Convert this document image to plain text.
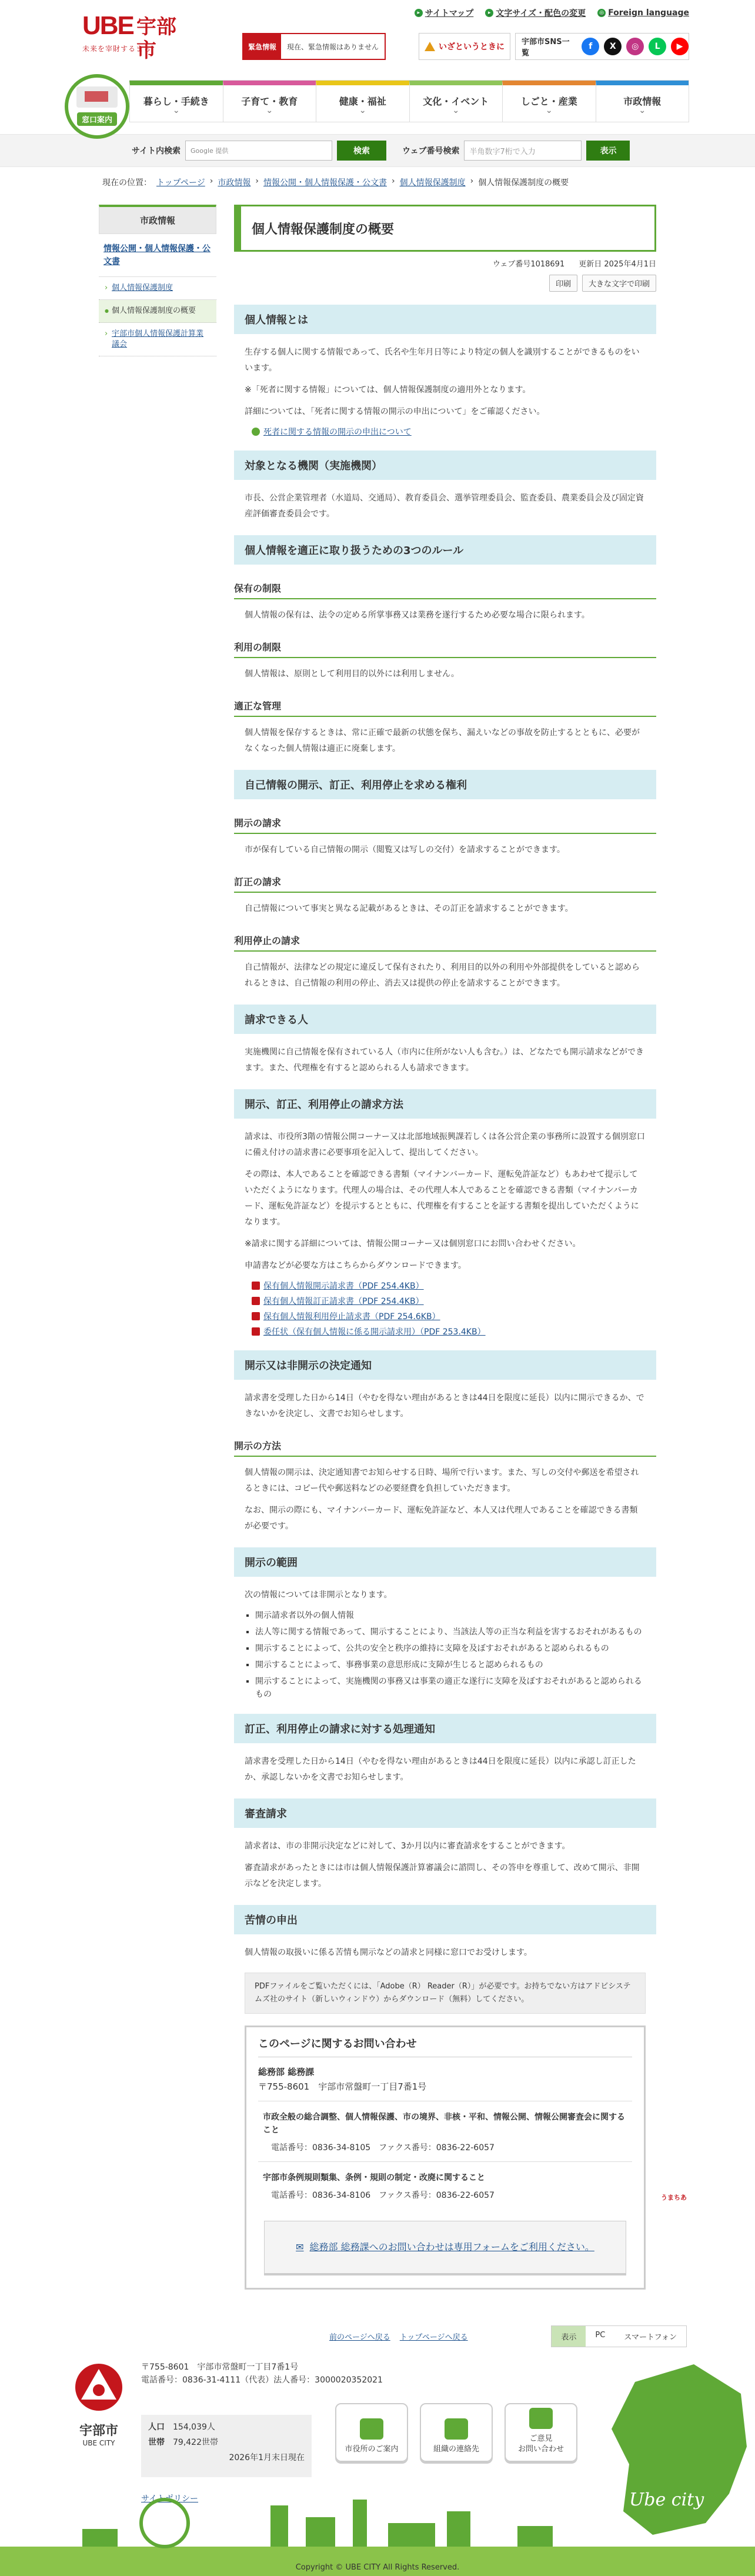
UBE 宇部市
未来を宰財するまち
▸ サイトマップ	▸ 文字サイズ・配色の変更	◎ Foreign language
緊急情報	現在、緊急情報はありません	いざというときに
宇部市SNS一覧
f	X	◎	L	▶
窓口案内
暮らし・手続き ⌄	子育て・教育 ⌄	健康・福祉 ⌄	文化・イベント ⌄	しごと・産業 ⌄	市政情報 ⌄
サイト内検索	Google 提供	検索	ウェブ番号検索	半角数字7桁で入力	表示
現在の位置： トップページ › 市政情報 › 情報公開・個人情報保護・公文書 › 個人情報保護制度 › 個人情報保護制度の概要
市政情報
情報公開・個人情報保護・公文書
› 個人情報保護制度
● 個人情報保護制度の概要
› 宇部市個人情報保護計算業議会
個人情報保護制度の概要
ウェブ番号1018691 更新日 2025年4月1日
印刷	大きな文字で印刷
個人情報とは

生存する個人に関する情報であって、氏名や生年月日等により特定の個人を識別することができるものをいいます。

※「死者に関する情報」については、個人情報保護制度の適用外となります。

詳細については、「死者に関する情報の開示の申出について」をご確認ください。

死者に関する情報の開示の申出について
対象となる機関（実施機関）

市長、公営企業管理者（水道局、交通局）、教育委員会、選挙管理委員会、監査委員、農業委員会及び固定資産評価審査委員会です。

個人情報を適正に取り扱うための3つのルール
保有の制限

個人情報の保有は、法令の定める所掌事務又は業務を遂行するため必要な場合に限られます。

利用の制限

個人情報は、原則として利用目的以外には利用しません。

適正な管理

個人情報を保存するときは、常に正確で最新の状態を保ち、漏えいなどの事故を防止するとともに、必要がなくなった個人情報は適正に廃棄します。

自己情報の開示、訂正、利用停止を求める権利
開示の請求

市が保有している自己情報の開示（閲覧又は写しの交付）を請求することができます。

訂正の請求

自己情報について事実と異なる記載があるときは、その訂正を請求することができます。

利用停止の請求

自己情報が、法律などの規定に違反して保有されたり、利用目的以外の利用や外部提供をしていると認められるときは、自己情報の利用の停止、消去又は提供の停止を請求することができます。

請求できる人

実施機関に自己情報を保有されている人（市内に住所がない人も含む。）は、どなたでも開示請求などができます。また、代理権を有すると認められる人も請求できます。

開示、訂正、利用停止の請求方法

請求は、市役所3階の情報公開コーナー又は北部地域振興課若しくは各公営企業の事務所に設置する個別窓口に備え付けの請求書に必要事項を記入して、提出してください。

その際は、本人であることを確認できる書類（マイナンバーカード、運転免許証など）もあわせて提示していただくようになります。代理人の場合は、その代理人本人であることを確認できる書類（マイナンバーカード、運転免許証など）を提示するとともに、代理権を有することを証する書類を提出していただくようになります。

※請求に関する詳細については、情報公開コーナー又は個別窓口にお問い合わせください。

申請書などが必要な方はこちらからダウンロードできます。

保有個人情報開示請求書（PDF 254.4KB）
保有個人情報訂正請求書（PDF 254.4KB）
保有個人情報利用停止請求書（PDF 254.6KB）
委任状（保有個人情報に係る開示請求用）（PDF 253.4KB）
開示又は非開示の決定通知

請求書を受理した日から14日（やむを得ない理由があるときは44日を限度に延長）以内に開示できるか、できないかを決定し、文書でお知らせします。

開示の方法

個人情報の開示は、決定通知書でお知らせする日時、場所で行います。また、写しの交付や郵送を希望されるときには、コピー代や郵送料などの必要経費を負担していただきます。

なお、開示の際にも、マイナンバーカード、運転免許証など、本人又は代理人であることを確認できる書類が必要です。

開示の範囲

次の情報については非開示となります。

▪ 開示請求者以外の個人情報
▪ 法人等に関する情報であって、開示することにより、当該法人等の正当な利益を害するおそれがあるもの
▪ 開示することによって、公共の安全と秩序の維持に支障を及ぼすおそれがあると認められるもの
▪ 開示することによって、事務事業の意思形成に支障が生じると認められるもの
▪ 開示することによって、実施機関の事務又は事業の適正な遂行に支障を及ぼすおそれがあると認められるもの
訂正、利用停止の請求に対する処理通知

請求書を受理した日から14日（やむを得ない理由があるときは44日を限度に延長）以内に承認し訂正したか、承認しないかを文書でお知らせします。

審査請求

請求者は、市の非開示決定などに対して、3か月以内に審査請求をすることができます。

審査請求があったときには市は個人情報保護計算審議会に諮問し、その答申を尊重して、改めて開示、非開示などを決定します。

苦情の申出

個人情報の取扱いに係る苦情も開示などの請求と同様に窓口でお受けします。

PDFファイルをご覧いただくには、「Adobe（R） Reader（R）」が必要です。お持ちでない方はアドビシステムズ社のサイト（新しいウィンドウ）からダウンロード（無料）してください。
このページに関するお問い合わせ
総務部 総務課
〒755-8601　宇部市常盤町一丁目7番1号
市政全般の総合調整、個人情報保護、市の境界、非核・平和、情報公開、情報公開審査会に関すること
電話番号：0836-34-8105　ファクス番号：0836-22-6057
宇部市条例規則類集、条例・規則の制定・改廃に関すること
電話番号：0836-34-8106　ファクス番号：0836-22-6057
✉ 総務部 総務課へのお問い合わせは専用フォームをご利用ください。
前のページへ戻る トップページへ戻る	表示	PC	スマートフォン
宇部市
UBE CITY
〒755-8601　宇部市常盤町一丁目7番1号
電話番号：0836-31-4111（代表）法人番号：3000020352021
人口　 154,039人
世帯　 79,422世帯
2026年1月末日現在
市役所のご案内	組織の連絡先
ご意見
お問い合わせ
サイトポリシー	Ube city
Copyright © UBE CITY All Rights Reserved.
うまちあ
